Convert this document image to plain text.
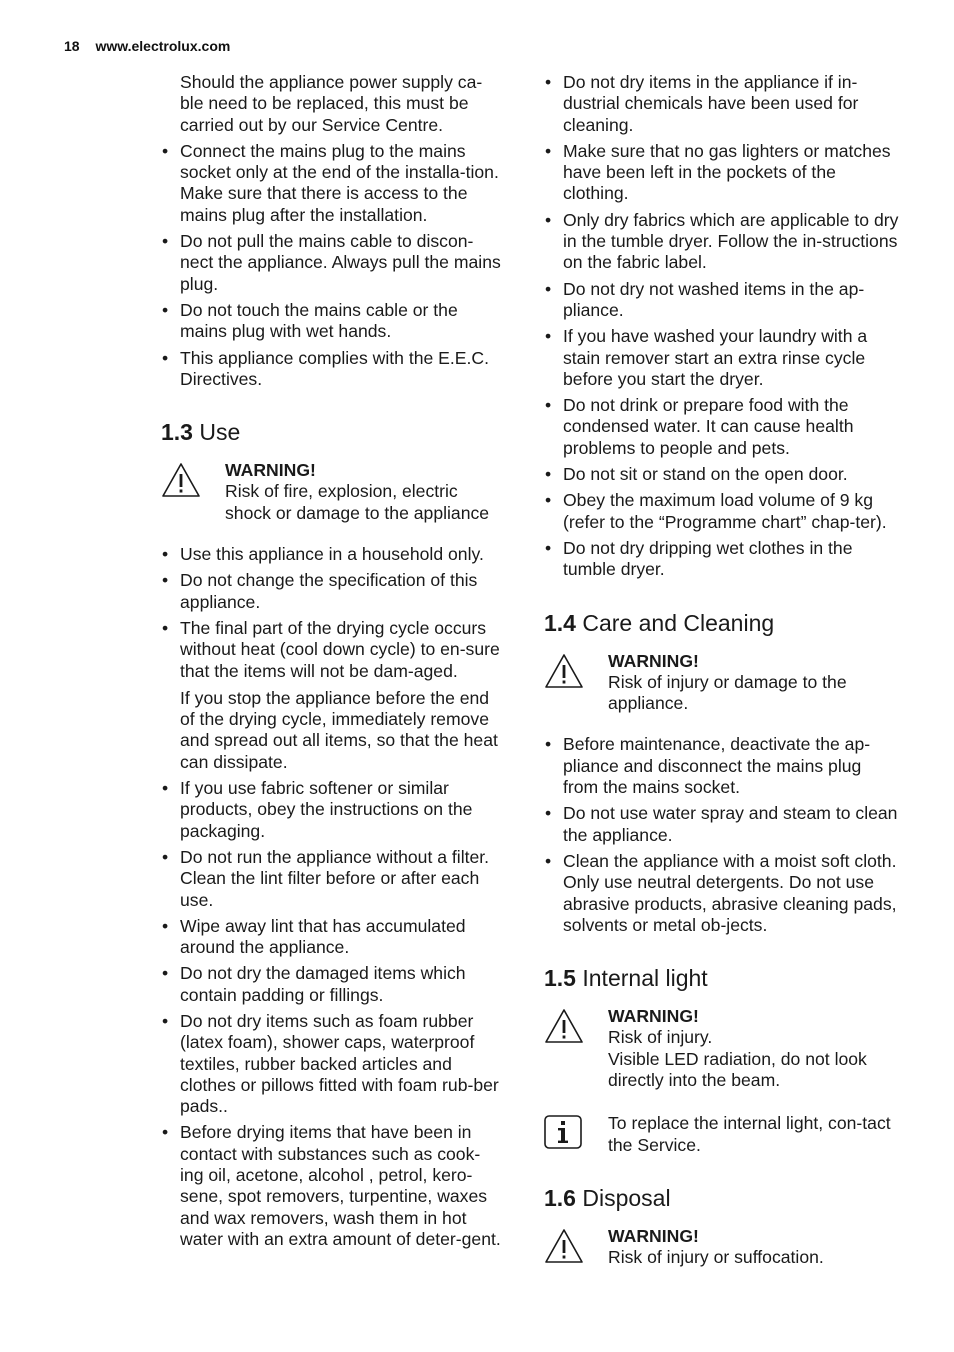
18 www.electrolux.com

Should the appliance power supply ca-ble need to be replaced, this must be carried out by our Service Centre.

• Connect the mains plug to the mains socket only at the end of the installa-tion. Make sure that there is access to the mains plug after the installation.
• Do not pull the mains cable to discon-nect the appliance. Always pull the mains plug.
• Do not touch the mains cable or the mains plug with wet hands.
• This appliance complies with the E.E.C. Directives.
1.3 Use
WARNING!
Risk of fire, explosion, electric shock or damage to the appliance
• Use this appliance in a household only.
• Do not change the specification of this appliance.
• The final part of the drying cycle occurs without heat (cool down cycle) to en-sure that the items will not be dam-aged.
If you stop the appliance before the end of the drying cycle, immediately remove and spread out all items, so that the heat can dissipate.
• If you use fabric softener or similar products, obey the instructions on the packaging.
• Do not run the appliance without a filter. Clean the lint filter before or after each use.
• Wipe away lint that has accumulated around the appliance.
• Do not dry the damaged items which contain padding or fillings.
• Do not dry items such as foam rubber (latex foam), shower caps, waterproof textiles, rubber backed articles and clothes or pillows fitted with foam rub-ber pads..
• Before drying items that have been in contact with substances such as cook-ing oil, acetone, alcohol , petrol, kero-sene, spot removers, turpentine, waxes and wax removers, wash them in hot water with an extra amount of deter-gent.
• Do not dry items in the appliance if in-dustrial chemicals have been used for cleaning.
• Make sure that no gas lighters or matches have been left in the pockets of the clothing.
• Only dry fabrics which are applicable to dry in the tumble dryer. Follow the in-structions on the fabric label.
• Do not dry not washed items in the ap-pliance.
• If you have washed your laundry with a stain remover start an extra rinse cycle before you start the dryer.
• Do not drink or prepare food with the condensed water. It can cause health problems to people and pets.
• Do not sit or stand on the open door.
• Obey the maximum load volume of 9 kg (refer to the “Programme chart” chap-ter).
• Do not dry dripping wet clothes in the tumble dryer.
1.4 Care and Cleaning
WARNING!
Risk of injury or damage to the appliance.
• Before maintenance, deactivate the ap-pliance and disconnect the mains plug from the mains socket.
• Do not use water spray and steam to clean the appliance.
• Clean the appliance with a moist soft cloth. Only use neutral detergents. Do not use abrasive products, abrasive cleaning pads, solvents or metal ob-jects.
1.5 Internal light
WARNING!
Risk of injury.
Visible LED radiation, do not look directly into the beam.
To replace the internal light, con-tact the Service.
1.6 Disposal
WARNING!
Risk of injury or suffocation.
